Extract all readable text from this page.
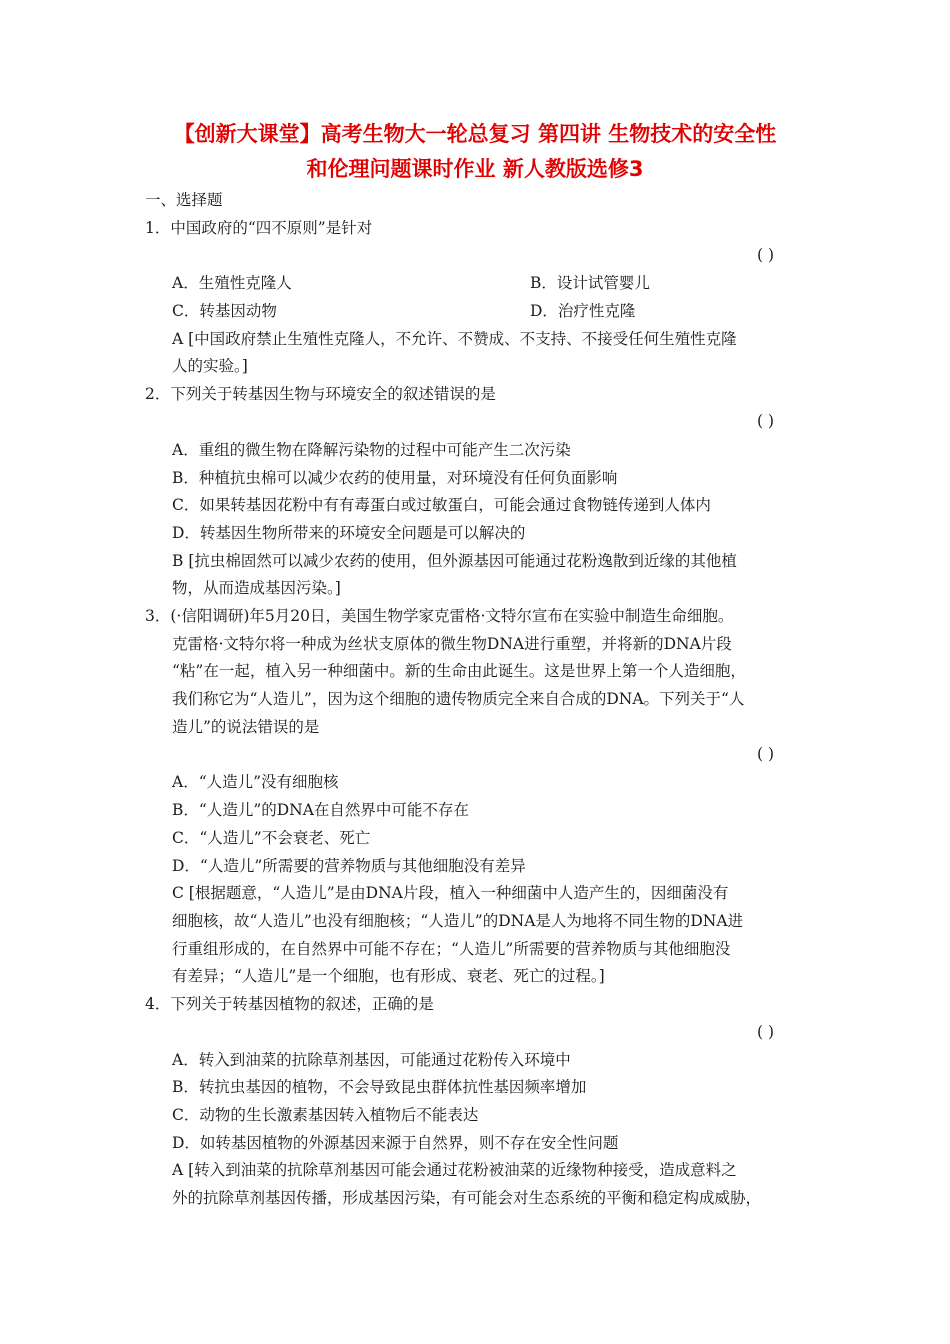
【创新大课堂】高考生物大一轮总复习 第四讲 生物技术的安全性
和伦理问题课时作业 新人教版选修3
一、选择题
1．中国政府的“四不原则”是针对
( )
A．生殖性克隆人	B．设计试管婴儿
C．转基因动物	D．治疗性克隆
A [中国政府禁止生殖性克隆人，不允许、不赞成、不支持、不接受任何生殖性克隆
人的实验。]
2．下列关于转基因生物与环境安全的叙述错误的是
( )
A．重组的微生物在降解污染物的过程中可能产生二次污染
B．种植抗虫棉可以减少农药的使用量，对环境没有任何负面影响
C．如果转基因花粉中有有毒蛋白或过敏蛋白，可能会通过食物链传递到人体内
D．转基因生物所带来的环境安全问题是可以解决的
B [抗虫棉固然可以减少农药的使用，但外源基因可能通过花粉逸散到近缘的其他植
物，从而造成基因污染。]
3．(·信阳调研)年5月20日，美国生物学家克雷格·文特尔宣布在实验中制造生命细胞。
克雷格·文特尔将一种成为丝状支原体的微生物DNA进行重塑，并将新的DNA片段
“粘”在一起，植入另一种细菌中。新的生命由此诞生。这是世界上第一个人造细胞，
我们称它为“人造儿”，因为这个细胞的遗传物质完全来自合成的DNA。下列关于“人
造儿”的说法错误的是
( )
A．“人造儿”没有细胞核
B．“人造儿”的DNA在自然界中可能不存在
C．“人造儿”不会衰老、死亡
D．“人造儿”所需要的营养物质与其他细胞没有差异
C [根据题意，“人造儿”是由DNA片段，植入一种细菌中人造产生的，因细菌没有
细胞核，故“人造儿”也没有细胞核；“人造儿”的DNA是人为地将不同生物的DNA进
行重组形成的，在自然界中可能不存在；“人造儿”所需要的营养物质与其他细胞没
有差异；“人造儿”是一个细胞，也有形成、衰老、死亡的过程。]
4．下列关于转基因植物的叙述，正确的是
( )
A．转入到油菜的抗除草剂基因，可能通过花粉传入环境中
B．转抗虫基因的植物，不会导致昆虫群体抗性基因频率增加
C．动物的生长激素基因转入植物后不能表达
D．如转基因植物的外源基因来源于自然界，则不存在安全性问题
A [转入到油菜的抗除草剂基因可能会通过花粉被油菜的近缘物种接受，造成意料之
外的抗除草剂基因传播，形成基因污染，有可能会对生态系统的平衡和稳定构成威胁，
